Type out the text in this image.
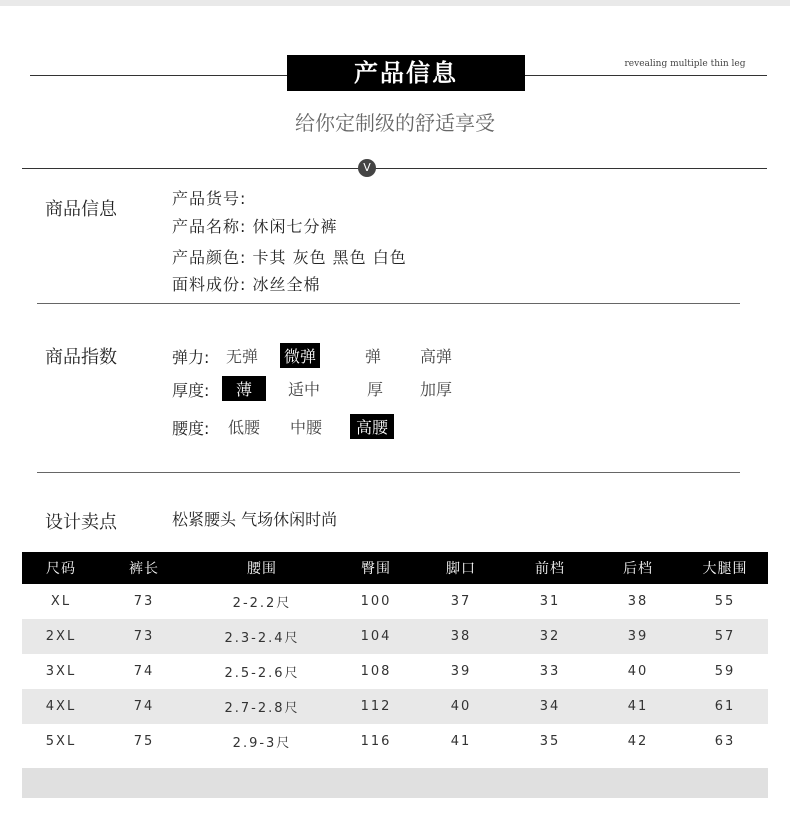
产品信息	revealing multiple thin leg
给你定制级的舒适享受
V
商品信息
产品货号:
产品名称: 休闲七分裤
产品颜色: 卡其 灰色 黑色 白色
面料成份: 冰丝全棉
商品指数	弹力: 无弹 微弹	弹 高弹
厚度:	薄	适中	厚 加厚
腰度: 低腰 中腰	高腰
设计卖点	松紧腰头 气场休闲时尚
尺码	裤长	腰围	臀围	脚口	前档	后档	大腿围
XL	73	2-2.2尺	100	37	31	38	55
2XL	73	2.3-2.4尺	104	38	32	39	57
3XL	74	2.5-2.6尺	108	39	33	40	59
4XL	74	2.7-2.8尺	112	40	34	41	61
5XL	75	2.9-3尺	116	41	35	42	63
